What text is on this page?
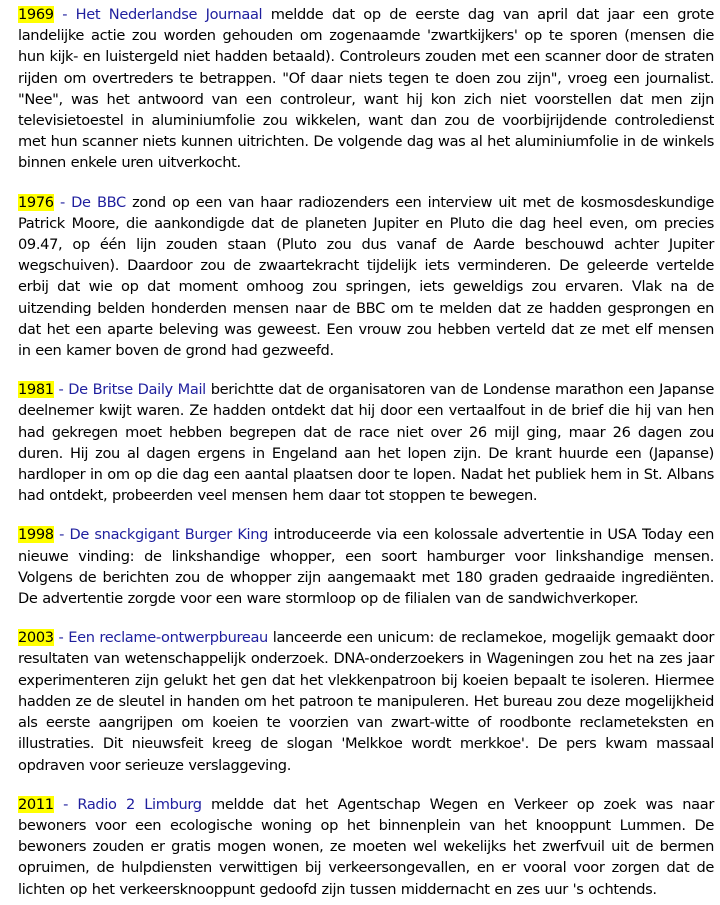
1969 - Het Nederlandse Journaal meldde dat op de eerste dag van april dat jaar een grote landelijke actie zou worden gehouden om zogenaamde 'zwartkijkers' op te sporen (mensen die hun kijk- en luistergeld niet hadden betaald). Controleurs zouden met een scanner door de straten rijden om overtreders te betrappen. "Of daar niets tegen te doen zou zijn", vroeg een journalist. "Nee", was het antwoord van een controleur, want hij kon zich niet voorstellen dat men zijn televisietoestel in aluminiumfolie zou wikkelen, want dan zou de voorbijrijdende controledienst met hun scanner niets kunnen uitrichten. De volgende dag was al het aluminiumfolie in de winkels binnen enkele uren uitverkocht.

1976 - De BBC zond op een van haar radiozenders een interview uit met de kosmosdeskundige Patrick Moore, die aankondigde dat de planeten Jupiter en Pluto die dag heel even, om precies 09.47, op één lijn zouden staan (Pluto zou dus vanaf de Aarde beschouwd achter Jupiter wegschuiven). Daardoor zou de zwaartekracht tijdelijk iets verminderen. De geleerde vertelde erbij dat wie op dat moment omhoog zou springen, iets geweldigs zou ervaren. Vlak na de uitzending belden honderden mensen naar de BBC om te melden dat ze hadden gesprongen en dat het een aparte beleving was geweest. Een vrouw zou hebben verteld dat ze met elf mensen in een kamer boven de grond had gezweefd.

1981 - De Britse Daily Mail berichtte dat de organisatoren van de Londense marathon een Japanse deelnemer kwijt waren. Ze hadden ontdekt dat hij door een vertaalfout in de brief die hij van hen had gekregen moet hebben begrepen dat de race niet over 26 mijl ging, maar 26 dagen zou duren. Hij zou al dagen ergens in Engeland aan het lopen zijn. De krant huurde een (Japanse) hardloper in om op die dag een aantal plaatsen door te lopen. Nadat het publiek hem in St. Albans had ontdekt, probeerden veel mensen hem daar tot stoppen te bewegen.

1998 - De snackgigant Burger King introduceerde via een kolossale advertentie in USA Today een nieuwe vinding: de linkshandige whopper, een soort hamburger voor linkshandige mensen. Volgens de berichten zou de whopper zijn aangemaakt met 180 graden gedraaide ingrediënten. De advertentie zorgde voor een ware stormloop op de filialen van de sandwichverkoper.

2003 - Een reclame-ontwerpbureau lanceerde een unicum: de reclamekoe, mogelijk gemaakt door resultaten van wetenschappelijk onderzoek. DNA-onderzoekers in Wageningen zou het na zes jaar experimenteren zijn gelukt het gen dat het vlekkenpatroon bij koeien bepaalt te isoleren. Hiermee hadden ze de sleutel in handen om het patroon te manipuleren. Het bureau zou deze mogelijkheid als eerste aangrijpen om koeien te voorzien van zwart-witte of roodbonte reclameteksten en illustraties. Dit nieuwsfeit kreeg de slogan 'Melkkoe wordt merkkoe'. De pers kwam massaal opdraven voor serieuze verslaggeving.

2011 - Radio 2 Limburg meldde dat het Agentschap Wegen en Verkeer op zoek was naar bewoners voor een ecologische woning op het binnenplein van het knooppunt Lummen. De bewoners zouden er gratis mogen wonen, ze moeten wel wekelijks het zwerfvuil uit de bermen opruimen, de hulpdiensten verwittigen bij verkeersongevallen, en er vooral voor zorgen dat de lichten op het verkeersknooppunt gedoofd zijn tussen middernacht en zes uur 's ochtends.
